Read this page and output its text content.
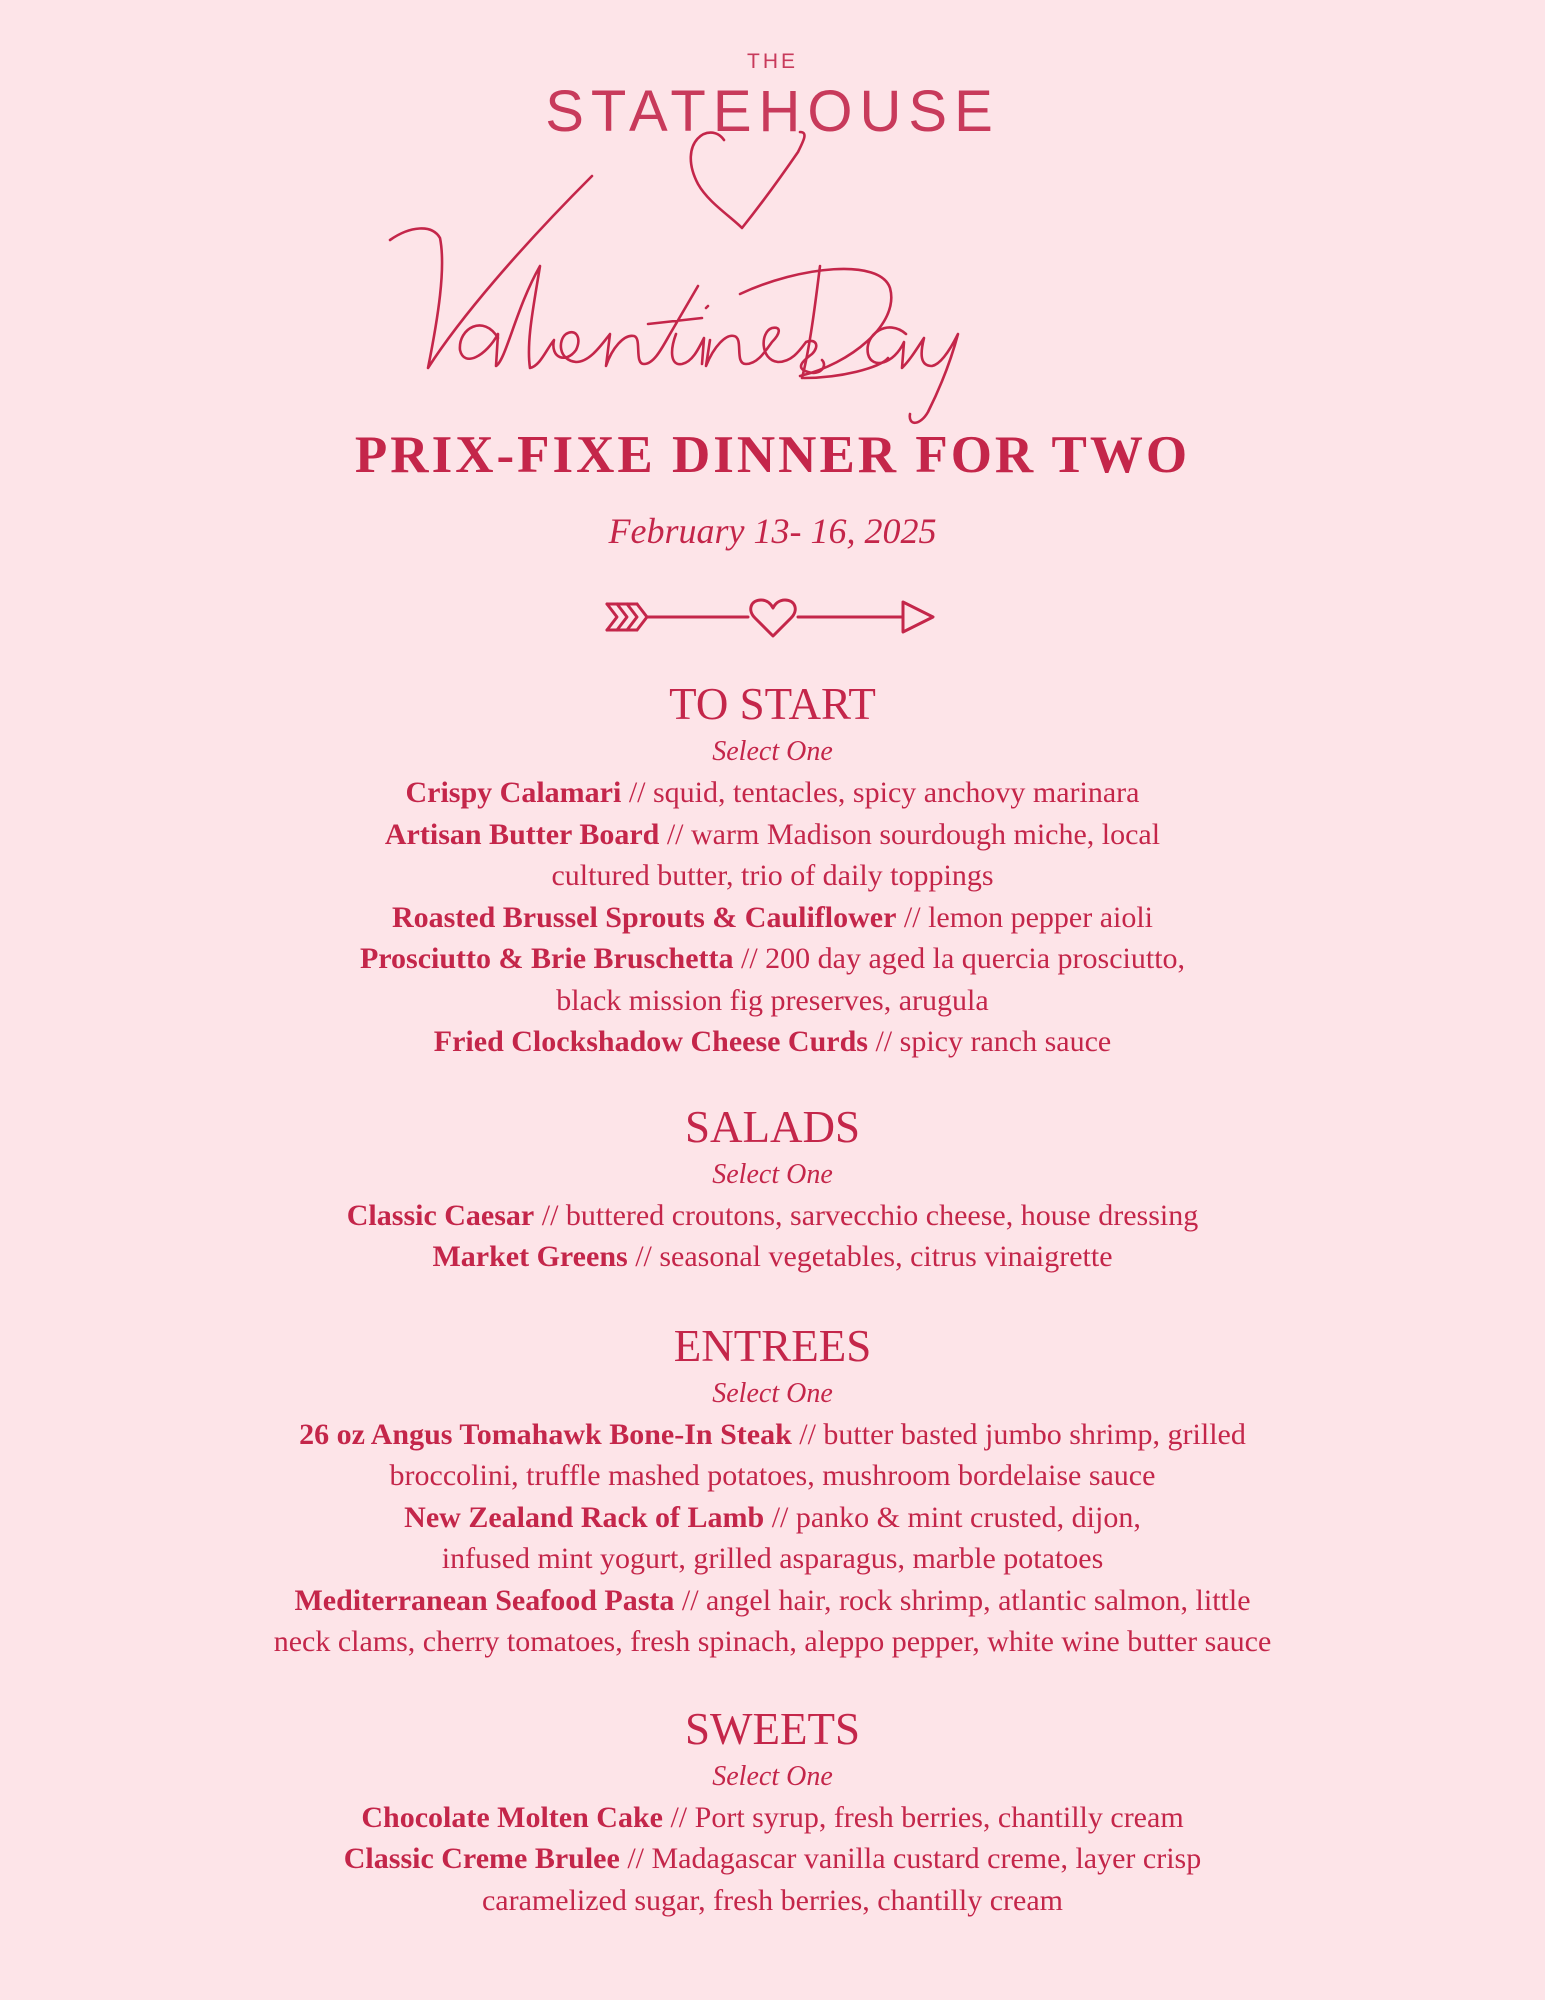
THE
STATEHOUSE
PRIX-FIXE DINNER FOR TWO
February 13- 16, 2025
TO START
Select One
Crispy Calamari // squid, tentacles, spicy anchovy marinara
Artisan Butter Board // warm Madison sourdough miche, local
cultured butter, trio of daily toppings
Roasted Brussel Sprouts & Cauliflower // lemon pepper aioli
Prosciutto & Brie Bruschetta // 200 day aged la quercia prosciutto,
black mission fig preserves, arugula
Fried Clockshadow Cheese Curds // spicy ranch sauce
SALADS
Select One
Classic Caesar // buttered croutons, sarvecchio cheese, house dressing
Market Greens // seasonal vegetables, citrus vinaigrette
ENTREES
Select One
26 oz Angus Tomahawk Bone-In Steak // butter basted jumbo shrimp, grilled
broccolini, truffle mashed potatoes, mushroom bordelaise sauce
New Zealand Rack of Lamb // panko & mint crusted, dijon,
infused mint yogurt, grilled asparagus, marble potatoes
Mediterranean Seafood Pasta // angel hair, rock shrimp, atlantic salmon, little
neck clams, cherry tomatoes, fresh spinach, aleppo pepper, white wine butter sauce
SWEETS
Select One
Chocolate Molten Cake // Port syrup, fresh berries, chantilly cream
Classic Creme Brulee // Madagascar vanilla custard creme, layer crisp
caramelized sugar, fresh berries, chantilly cream
